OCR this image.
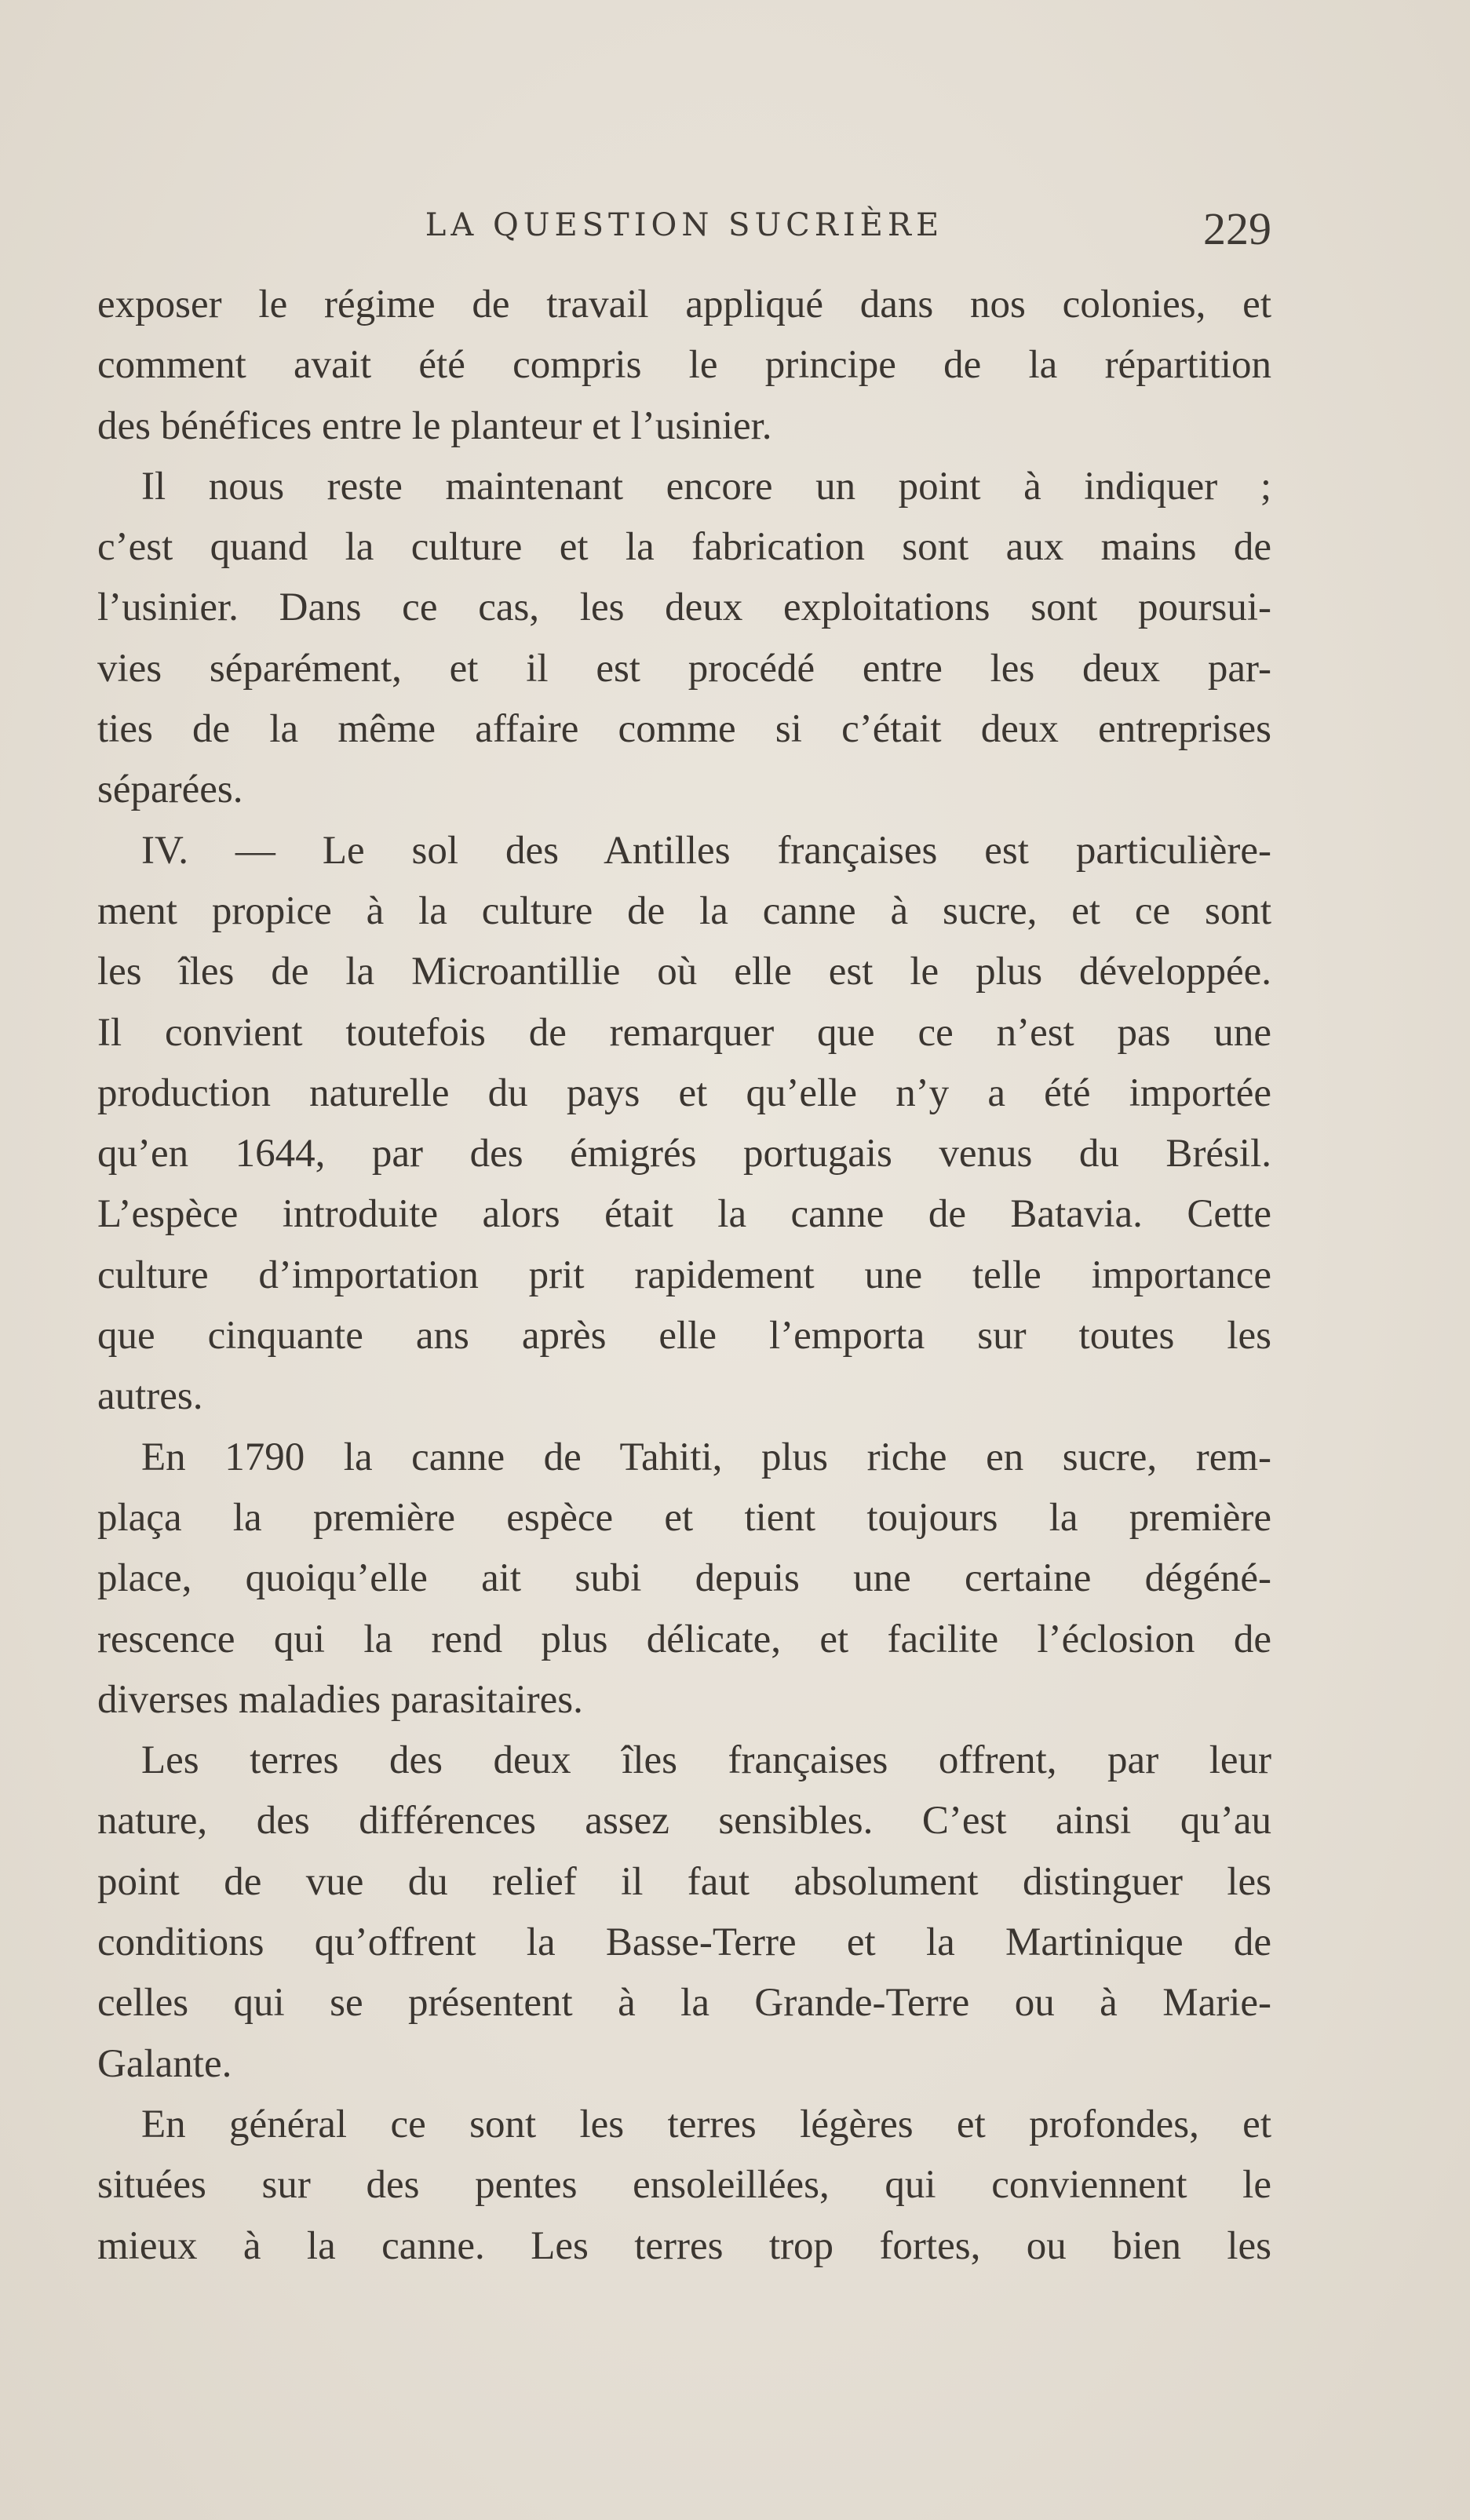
LA QUESTION SUCRIÈRE	229
exposer le régime de travail appliqué dans nos colonies, et
comment avait été compris le principe de la répartition
des bénéfices entre le planteur et l’usinier.
Il nous reste maintenant encore un point à indiquer ;
c’est quand la culture et la fabrication sont aux mains de
l’usinier. Dans ce cas, les deux exploitations sont poursui-
vies séparément, et il est procédé entre les deux par-
ties de la même affaire comme si c’était deux entreprises
séparées.
IV. — Le sol des Antilles françaises est particulière-
ment propice à la culture de la canne à sucre, et ce sont
les îles de la Microantillie où elle est le plus développée.
Il convient toutefois de remarquer que ce n’est pas une
production naturelle du pays et qu’elle n’y a été importée
qu’en 1644, par des émigrés portugais venus du Brésil.
L’espèce introduite alors était la canne de Batavia. Cette
culture d’importation prit rapidement une telle importance
que cinquante ans après elle l’emporta sur toutes les
autres.
En 1790 la canne de Tahiti, plus riche en sucre, rem-
plaça la première espèce et tient toujours la première
place, quoiqu’elle ait subi depuis une certaine dégéné-
rescence qui la rend plus délicate, et facilite l’éclosion de
diverses maladies parasitaires.
Les terres des deux îles françaises offrent, par leur
nature, des différences assez sensibles. C’est ainsi qu’au
point de vue du relief il faut absolument distinguer les
conditions qu’offrent la Basse-Terre et la Martinique de
celles qui se présentent à la Grande-Terre ou à Marie-
Galante.
En général ce sont les terres légères et profondes, et
situées sur des pentes ensoleillées, qui conviennent le
mieux à la canne. Les terres trop fortes, ou bien les
